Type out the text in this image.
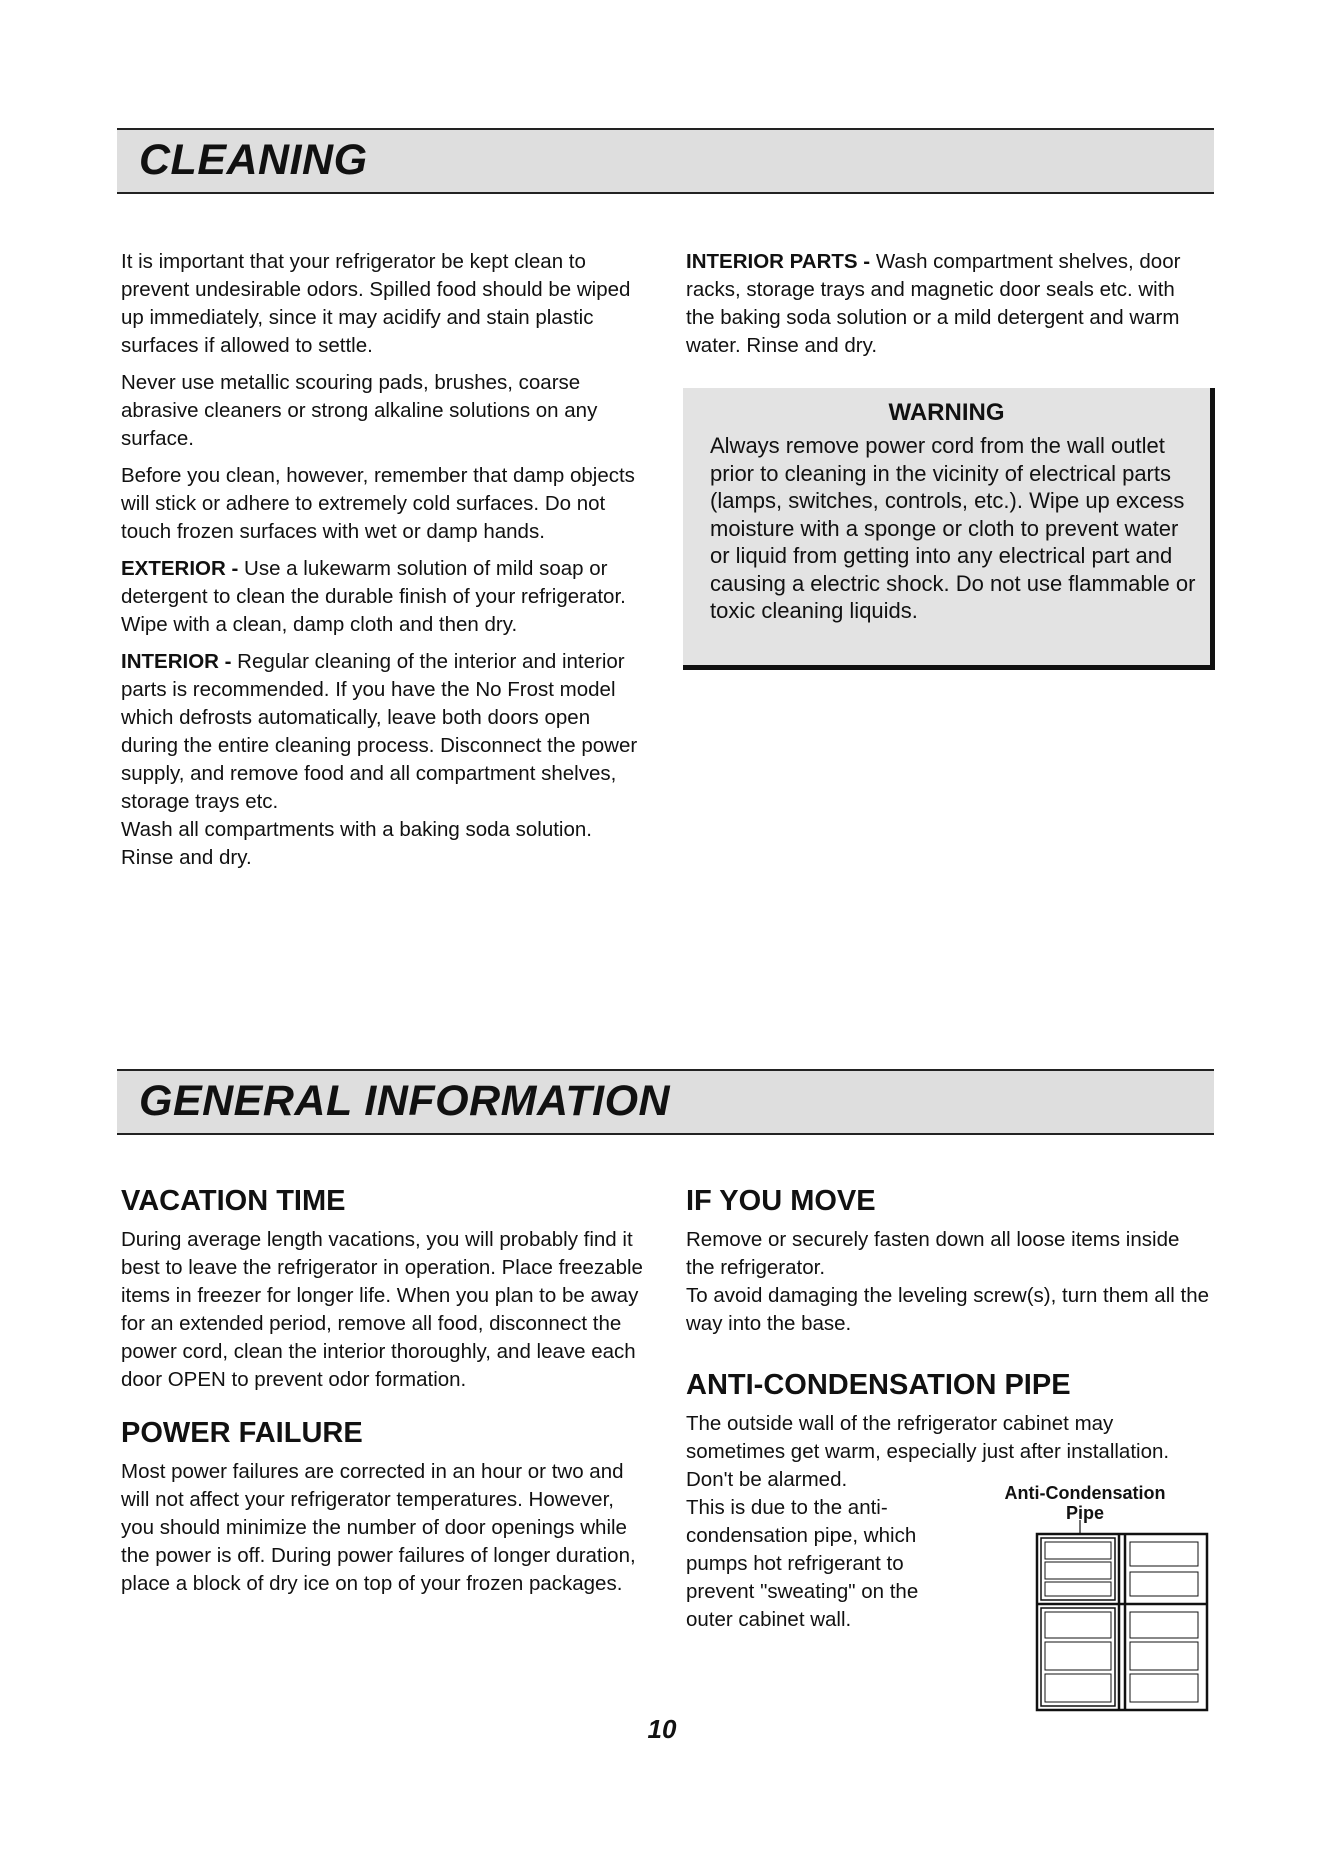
CLEANING

It is important that your refrigerator be kept clean to prevent undesirable odors. Spilled food should be wiped up immediately, since it may acidify and stain plastic surfaces if allowed to settle.

Never use metallic scouring pads, brushes, coarse abrasive cleaners or strong alkaline solutions on any surface.

Before you clean, however, remember that damp objects will stick or adhere to extremely cold surfaces. Do not touch frozen surfaces with wet or damp hands.

EXTERIOR - Use a lukewarm solution of mild soap or detergent to clean the durable finish of your refrigerator. Wipe with a clean, damp cloth and then dry.

INTERIOR - Regular cleaning of the interior and interior parts is recommended. If you have the No Frost model which defrosts automatically, leave both doors open during the entire cleaning process. Disconnect the power supply, and remove food and all compartment shelves, storage trays etc.

Wash all compartments with a baking soda solution. Rinse and dry.

INTERIOR PARTS - Wash compartment shelves, door racks, storage trays and magnetic door seals etc. with the baking soda solution or a mild detergent and warm water. Rinse and dry.

WARNING
Always remove power cord from the wall outlet prior to cleaning in the vicinity of electrical parts (lamps, switches, controls, etc.). Wipe up excess moisture with a sponge or cloth to prevent water or liquid from getting into any electrical part and causing a electric shock. Do not use flammable or toxic cleaning liquids.
GENERAL INFORMATION
VACATION TIME

During average length vacations, you will probably find it best to leave the refrigerator in operation. Place freezable items in freezer for longer life. When you plan to be away for an extended period, remove all food, disconnect the power cord, clean the interior thoroughly, and leave each door OPEN to prevent odor formation.

POWER FAILURE

Most power failures are corrected in an hour or two and will not affect your refrigerator temperatures. However, you should minimize the number of door openings while the power is off. During power failures of longer duration, place a block of dry ice on top of your frozen packages.

IF YOU MOVE

Remove or securely fasten down all loose items inside the refrigerator.

To avoid damaging the leveling screw(s), turn them all the way into the base.

ANTI-CONDENSATION PIPE

The outside wall of the refrigerator cabinet may sometimes get warm, especially just after installation.

Don't be alarmed.

This is due to the anti-condensation pipe, which pumps hot refrigerant to prevent "sweating" on the outer cabinet wall.

Anti-Condensation Pipe
10
